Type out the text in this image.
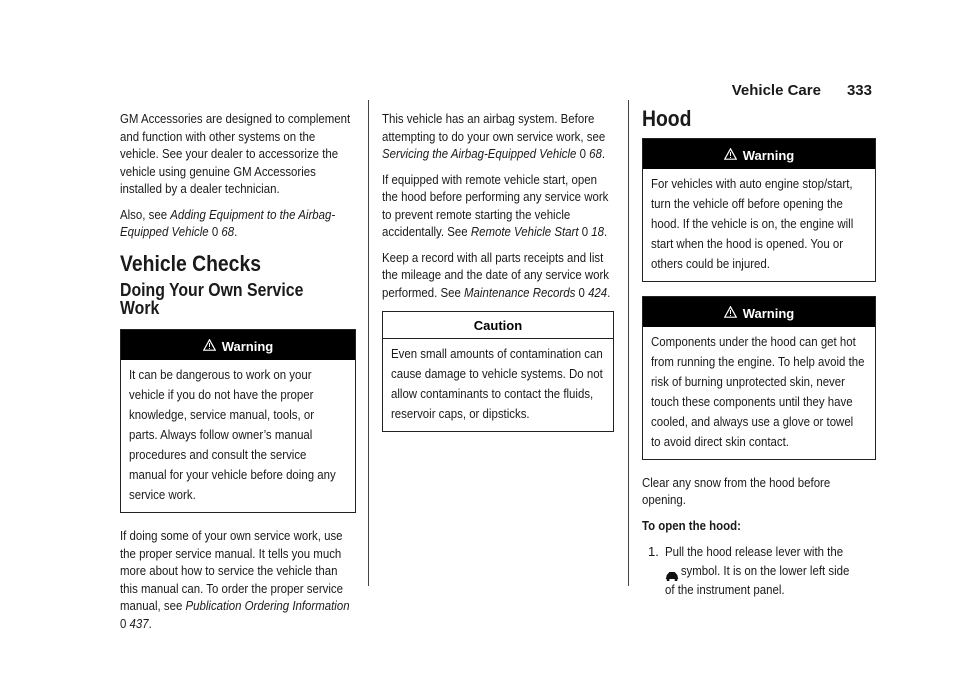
Vehicle Care 333

GM Accessories are designed to complement and function with other systems on the vehicle. See your dealer to accessorize the vehicle using genuine GM Accessories installed by a dealer technician.

Also, see Adding Equipment to the Airbag-Equipped Vehicle 0 68.

Vehicle Checks
Doing Your Own Service Work
Warning
It can be dangerous to work on your vehicle if you do not have the proper knowledge, service manual, tools, or parts. Always follow owner’s manual procedures and consult the service manual for your vehicle before doing any service work.

If doing some of your own service work, use the proper service manual. It tells you much more about how to service the vehicle than this manual can. To order the proper service manual, see Publication Ordering Information 0 437.

This vehicle has an airbag system. Before attempting to do your own service work, see Servicing the Airbag-Equipped Vehicle 0 68.

If equipped with remote vehicle start, open the hood before performing any service work to prevent remote starting the vehicle accidentally. See Remote Vehicle Start 0 18.

Keep a record with all parts receipts and list the mileage and the date of any service work performed. See Maintenance Records 0 424.

Caution
Even small amounts of contamination can cause damage to vehicle systems. Do not allow contaminants to contact the fluids, reservoir caps, or dipsticks.
Hood
Warning
For vehicles with auto engine stop/start, turn the vehicle off before opening the hood. If the vehicle is on, the engine will start when the hood is opened. You or others could be injured.
Warning
Components under the hood can get hot from running the engine. To help avoid the risk of burning unprotected skin, never touch these components until they have cooled, and always use a glove or towel to avoid direct skin contact.

Clear any snow from the hood before opening.

To open the hood:

1. Pull the hood release lever with the
symbol. It is on the lower left side of the instrument panel.
